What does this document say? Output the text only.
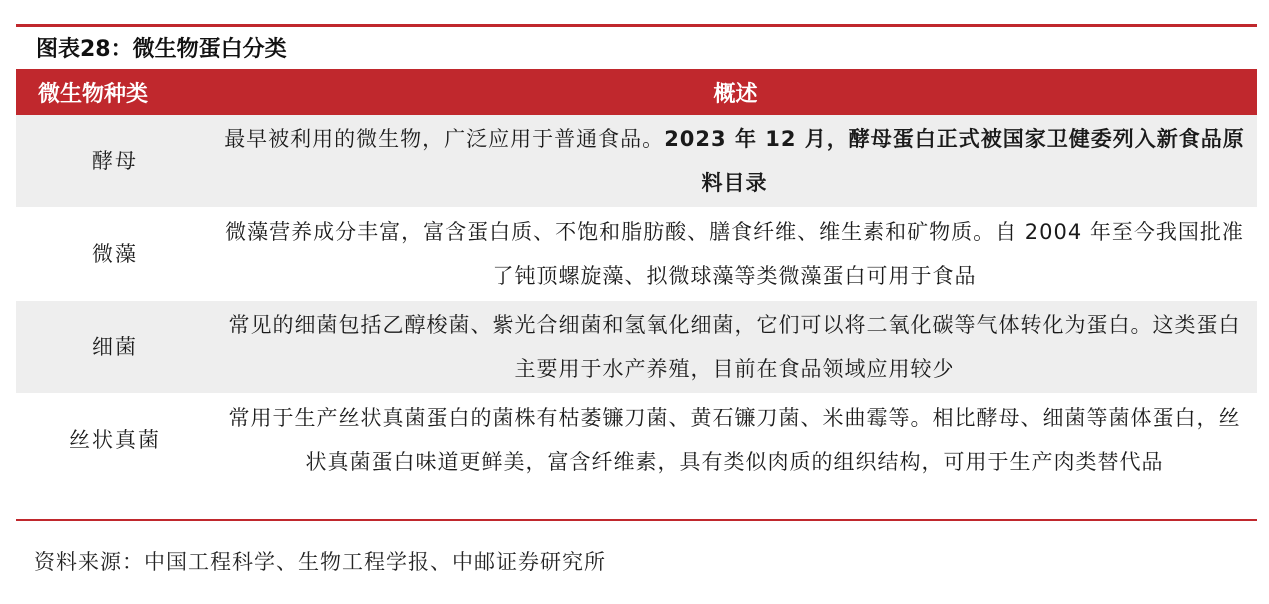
图表28：微生物蛋白分类
微生物种类	概述
酵母	最早被利用的微生物，广泛应用于普通食品。2023 年 12 月，酵母蛋白正式被国家卫健委列入新食品原料目录
微藻	微藻营养成分丰富，富含蛋白质、不饱和脂肪酸、膳食纤维、维生素和矿物质。自 2004 年至今我国批准了钝顶螺旋藻、拟微球藻等类微藻蛋白可用于食品
细菌	常见的细菌包括乙醇梭菌、紫光合细菌和氢氧化细菌，它们可以将二氧化碳等气体转化为蛋白。这类蛋白主要用于水产养殖，目前在食品领域应用较少
丝状真菌	常用于生产丝状真菌蛋白的菌株有枯萎镰刀菌、黄石镰刀菌、米曲霉等。相比酵母、细菌等菌体蛋白，丝状真菌蛋白味道更鲜美，富含纤维素，具有类似肉质的组织结构，可用于生产肉类替代品
资料来源：中国工程科学、生物工程学报、中邮证券研究所
